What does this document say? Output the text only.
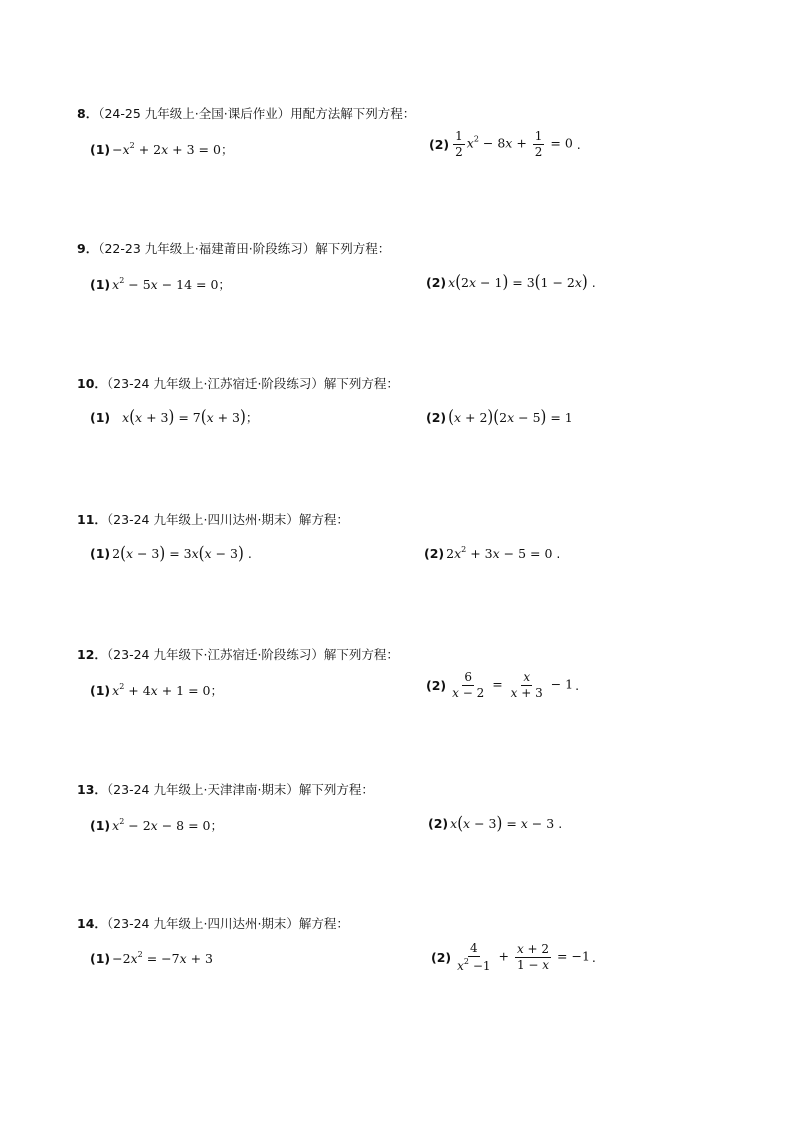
8．（24-25 九年级上·全国·课后作业）用配方法解下列方程：
$(1) -x^2 + 2x + 3 = 0$ ；	$(2) \frac{1}{2} x^2 - 8x + \frac{1}{2} = 0$ .
9．（22-23 九年级上·福建莆田·阶段练习）解下列方程：
(1) $x^2 - 5x - 14 = 0$ ；	(2) x(2x − 1) = 3(1 − 2x) .
10．（23-24 九年级上·江苏宿迁·阶段练习）解下列方程：
(1) x(x + 3) = 7(x + 3) ；	(2) (x + 2)(2x − 5) = 1
11．（23-24 九年级上·四川达州·期末）解方程：
(1) 2(x − 3) = 3x(x − 3) .	(2) $2x^2 + 3x - 5 = 0$ .
12．（23-24 九年级下·江苏宿迁·阶段练习）解下列方程：
(1) $x^2 + 4x + 1 = 0$ ；	$(2) \frac{6}{x - 2} = \frac{x}{x + 3} - 1$ .
13．（23-24 九年级上·天津津南·期末）解下列方程：
(1) $x^2 - 2x - 8 = 0$ ；	(2) x(x − 3) = x − 3 .
14．（23-24 九年级上·四川达州·期末）解方程：
$(1) -2x^2 = -7x + 3$	$(2) \frac{4}{x^2 -1} + \frac{x + 2}{1 - x} = -1$ .
